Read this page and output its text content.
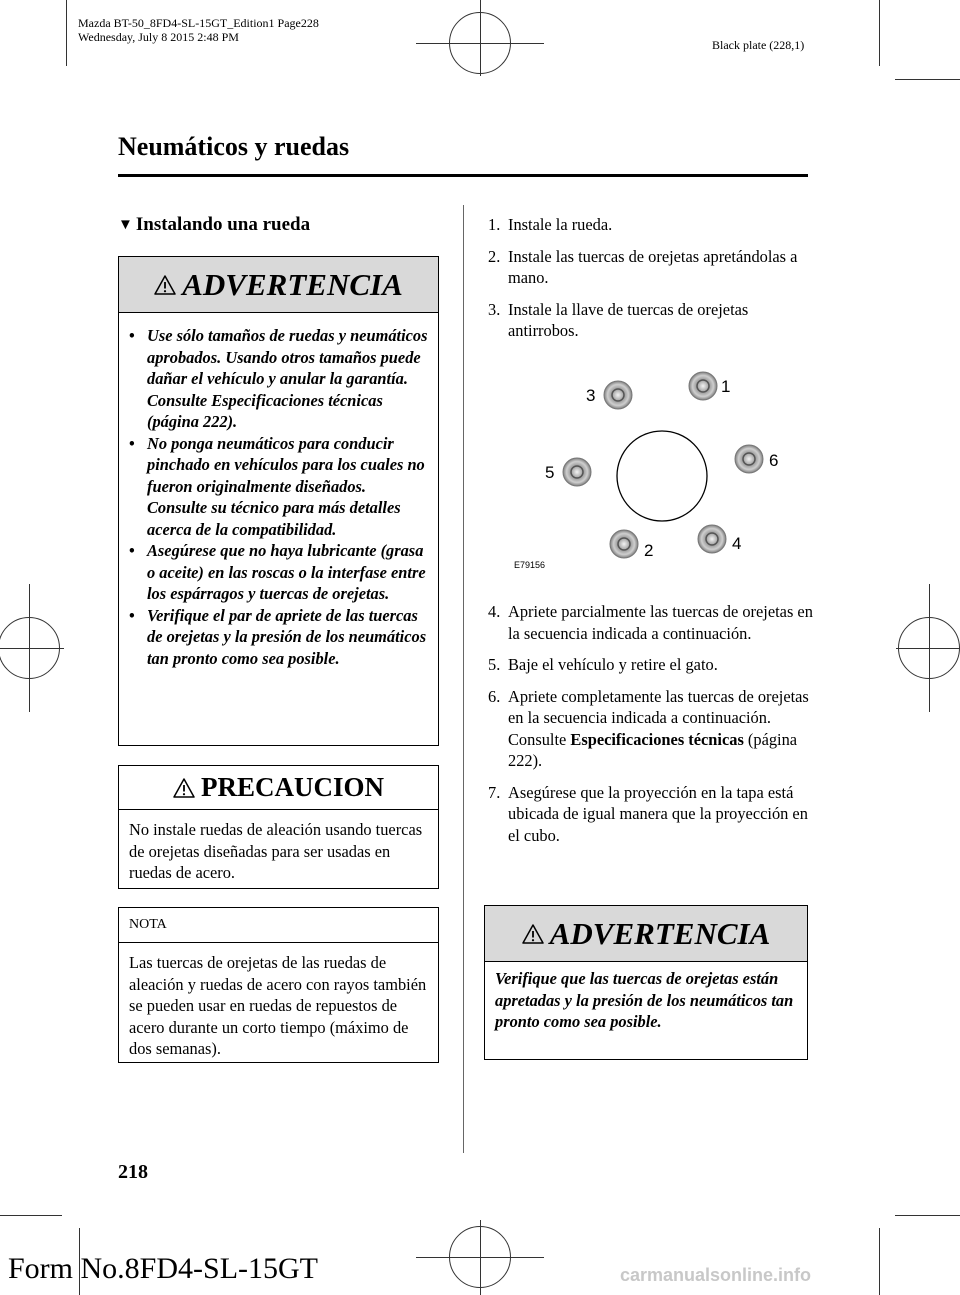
Mazda BT-50_8FD4-SL-15GT_Edition1 Page228
Wednesday, July 8 2015 2:48 PM
Black plate (228,1)
Neumáticos y ruedas
▼ Instalando una rueda
ADVERTENCIA
• Use sólo tamaños de ruedas y neumáticos aprobados. Usando otros tamaños puede dañar el vehículo y anular la garantía. Consulte Especificaciones técnicas (página 222).
• No ponga neumáticos para conducir pinchado en vehículos para los cuales no fueron originalmente diseñados. Consulte su técnico para más detalles acerca de la compatibilidad.
• Asegúrese que no haya lubricante (grasa o aceite) en las roscas o la interfase entre los espárragos y tuercas de orejetas.
• Verifique el par de apriete de las tuercas de orejetas y la presión de los neumáticos tan pronto como sea posible.
PRECAUCION
No instale ruedas de aleación usando tuercas de orejetas diseñadas para ser usadas en ruedas de acero.
NOTA
Las tuercas de orejetas de las ruedas de aleación y ruedas de acero con rayos también se pueden usar en ruedas de repuestos de acero durante un corto tiempo (máximo de dos semanas).
1. Instale la rueda.
2. Instale las tuercas de orejetas apretándolas a mano.
3. Instale la llave de tuercas de orejetas antirrobos.
3	1
5
6
2	4
E79156
4. Apriete parcialmente las tuercas de orejetas en la secuencia indicada a continuación.
5. Baje el vehículo y retire el gato.
6. Apriete completamente las tuercas de orejetas en la secuencia indicada a continuación. Consulte Especificaciones técnicas (página 222).
7. Asegúrese que la proyección en la tapa está ubicada de igual manera que la proyección en el cubo.
ADVERTENCIA
Verifique que las tuercas de orejetas están apretadas y la presión de los neumáticos tan pronto como sea posible.
218
Form No.8FD4-SL-15GT	carmanualsonline.info
